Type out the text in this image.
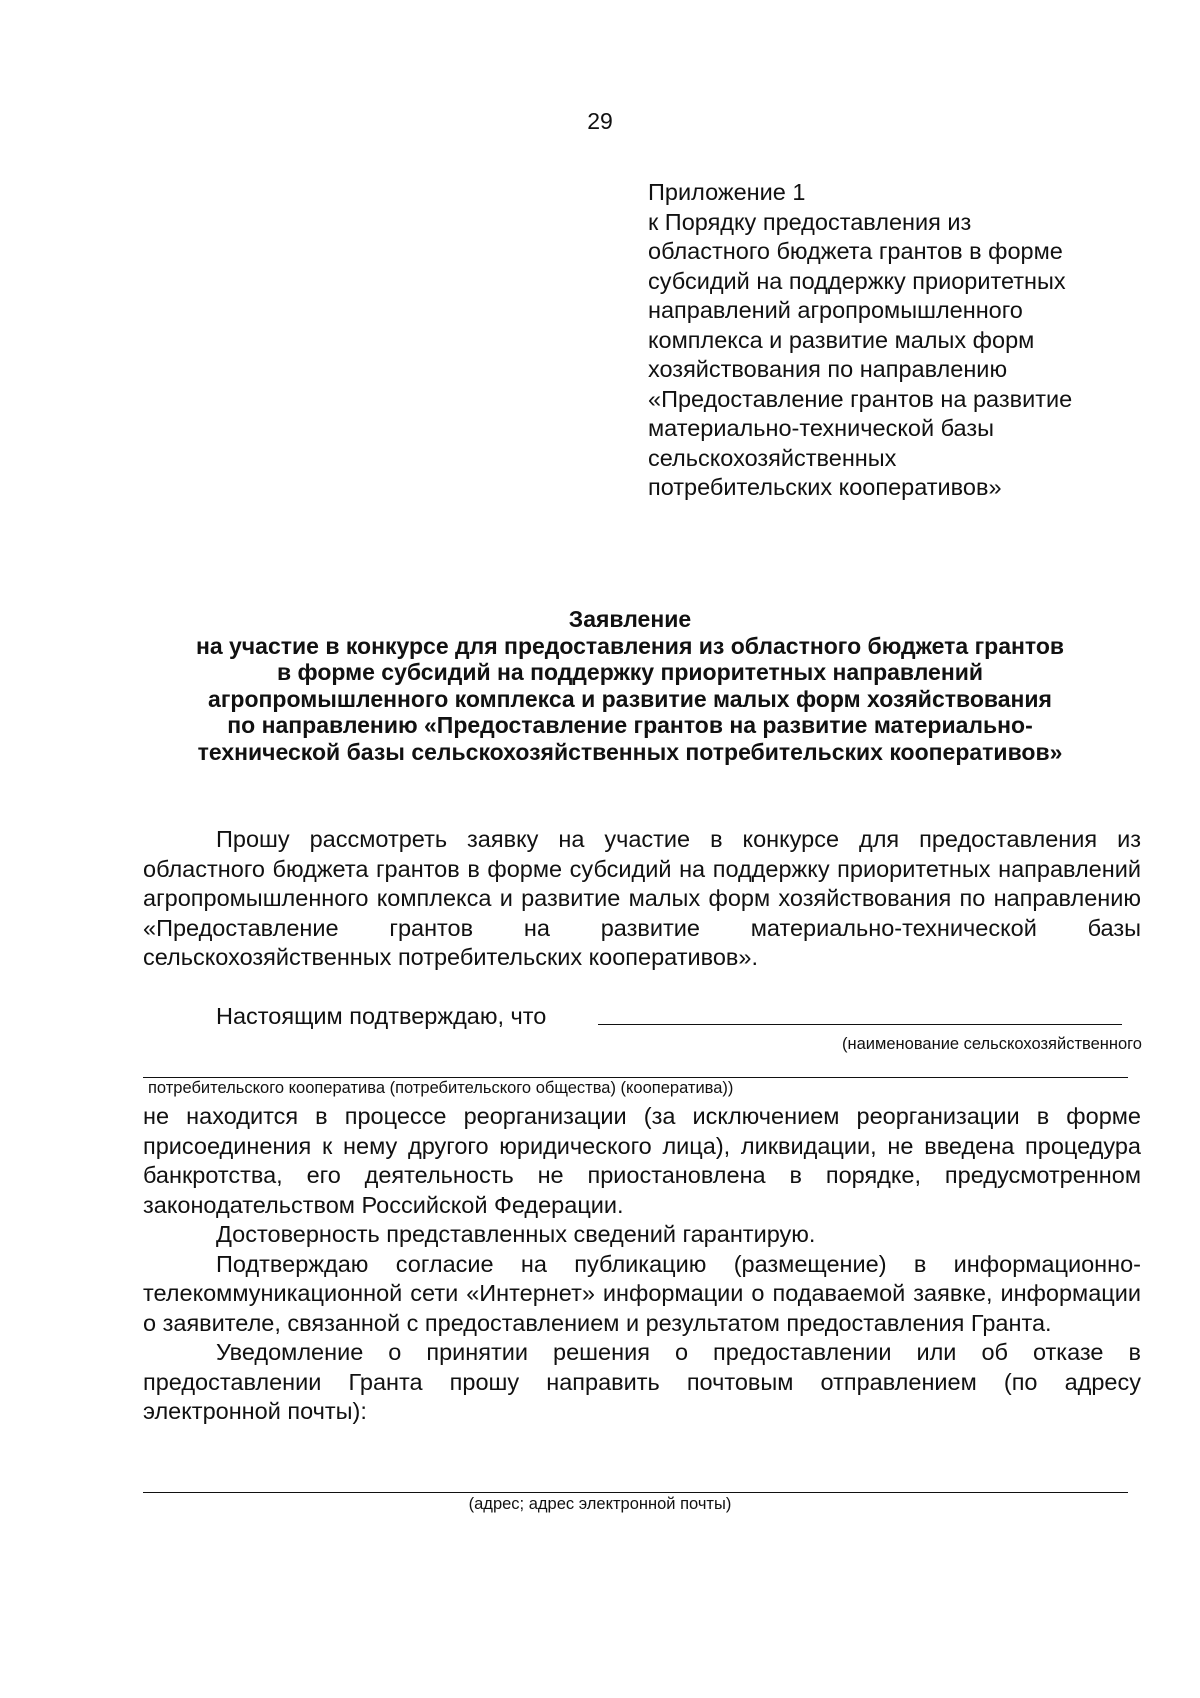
29
Приложение 1
к Порядку предоставления из
областного бюджета грантов в форме
субсидий на поддержку приоритетных
направлений агропромышленного
комплекса и развитие малых форм
хозяйствования по направлению
«Предоставление грантов на развитие
материально-технической базы
сельскохозяйственных
потребительских кооперативов»
Заявление
на участие в конкурсе для предоставления из областного бюджета грантов
в форме субсидий на поддержку приоритетных направлений
агропромышленного комплекса и развитие малых форм хозяйствования
по направлению «Предоставление грантов на развитие материально-
технической базы сельскохозяйственных потребительских кооперативов»

Прошу рассмотреть заявку на участие в конкурсе для предоставления из областного бюджета грантов в форме субсидий на поддержку приоритетных направлений агропромышленного комплекса и развитие малых форм хозяйствования по направлению «Предоставление грантов на развитие материально-технической базы сельскохозяйственных потребительских кооперативов».

Настоящим подтверждаю, что
(наименование сельскохозяйственного
потребительского кооператива (потребительского общества) (кооператива))

не находится в процессе реорганизации (за исключением реорганизации в форме присоединения к нему другого юридического лица), ликвидации, не введена процедура банкротства, его деятельность не приостановлена в порядке, предусмотренном законодательством Российской Федерации.

Достоверность представленных сведений гарантирую.

Подтверждаю согласие на публикацию (размещение) в информационно-телекоммуникационной сети «Интернет» информации о подаваемой заявке, информации о заявителе, связанной с предоставлением и результатом предоставления Гранта.

Уведомление о принятии решения о предоставлении или об отказе в предоставлении Гранта прошу направить почтовым отправлением (по адресу электронной почты):

(адрес; адрес электронной почты)
